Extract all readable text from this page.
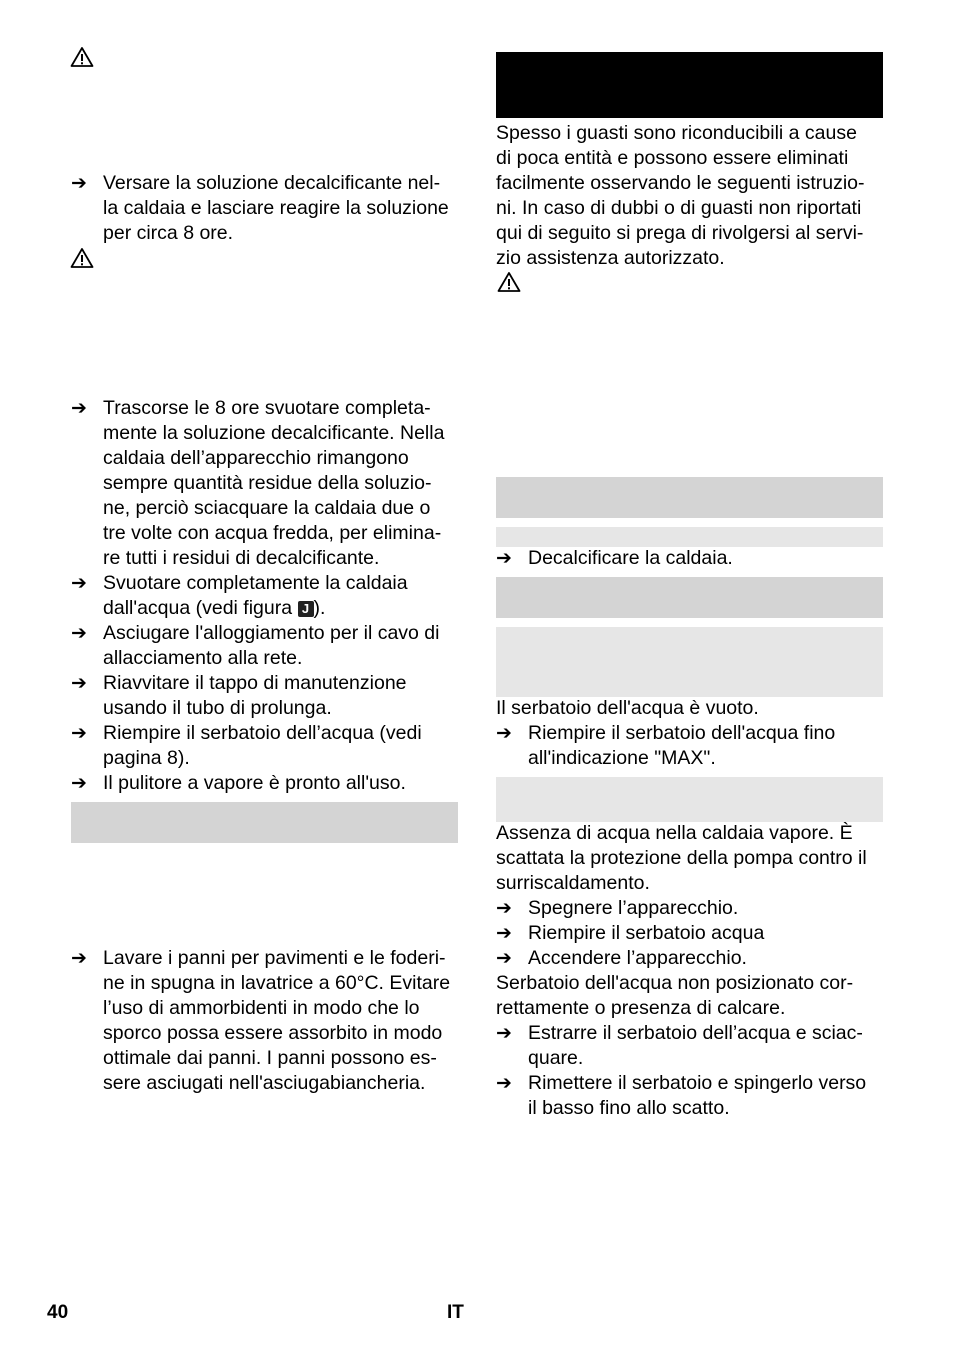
➔ Versare la soluzione decalcificante nel-
la caldaia e lasciare reagire la soluzione
per circa 8 ore.
➔ Trascorse le 8 ore svuotare completa-
mente la soluzione decalcificante. Nella
caldaia dell’apparecchio rimangono
sempre quantità residue della soluzio-
ne, perciò sciacquare la caldaia due o
tre volte con acqua fredda, per elimina-
re tutti i residui di decalcificante.
➔ Svuotare completamente la caldaia
dall'acqua (vedi figura J ).
➔ Asciugare l'alloggiamento per il cavo di
allacciamento alla rete.
➔ Riavvitare il tappo di manutenzione
usando il tubo di prolunga.
➔ Riempire il serbatoio dell’acqua (vedi
pagina 8).
➔ Il pulitore a vapore è pronto all'uso.
➔ Lavare i panni per pavimenti e le foderi-
ne in spugna in lavatrice a 60°C. Evitare
l’uso di ammorbidenti in modo che lo
sporco possa essere assorbito in modo
ottimale dai panni. I panni possono es-
sere asciugati nell'asciugabiancheria.
Spesso i guasti sono riconducibili a cause
di poca entità e possono essere eliminati
facilmente osservando le seguenti istruzio-
ni. In caso di dubbi o di guasti non riportati
qui di seguito si prega di rivolgersi al servi-
zio assistenza autorizzato.
➔ Decalcificare la caldaia.
Il serbatoio dell'acqua è vuoto.
➔ Riempire il serbatoio dell'acqua fino
all'indicazione "MAX".
Assenza di acqua nella caldaia vapore. È
scattata la protezione della pompa contro il
surriscaldamento.
➔ Spegnere l’apparecchio.
➔ Riempire il serbatoio acqua
➔ Accendere l’apparecchio.
Serbatoio dell'acqua non posizionato cor-
rettamente o presenza di calcare.
➔ Estrarre il serbatoio dell’acqua e sciac-
quare.
➔ Rimettere il serbatoio e spingerlo verso
il basso fino allo scatto.
40	IT
